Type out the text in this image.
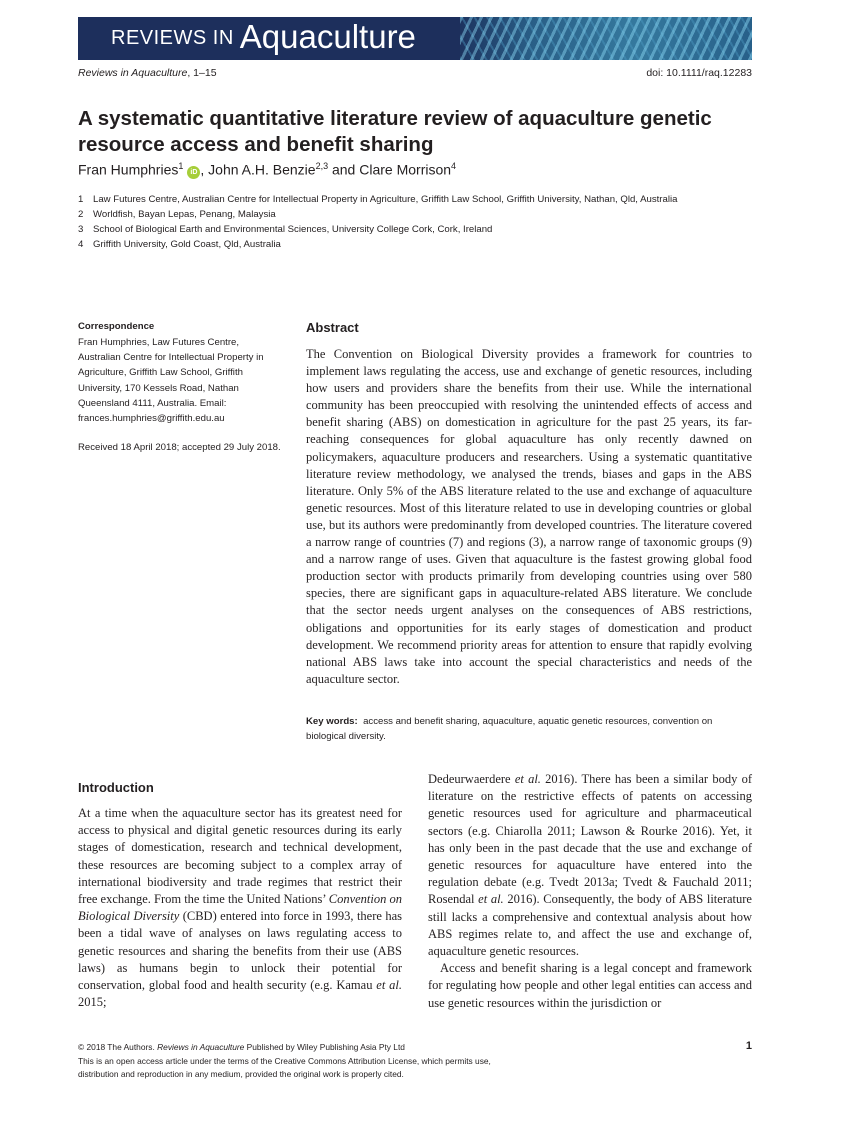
REVIEWS IN Aquaculture
Reviews in Aquaculture, 1–15	doi: 10.1111/raq.12283
A systematic quantitative literature review of aquaculture genetic resource access and benefit sharing
Fran Humphries$^1$iD , John A.H. Benzie$^{2,3}$ and Clare Morrison$^4$
1 Law Futures Centre, Australian Centre for Intellectual Property in Agriculture, Griffith Law School, Griffith University, Nathan, Qld, Australia
2 Worldfish, Bayan Lepas, Penang, Malaysia
3 School of Biological Earth and Environmental Sciences, University College Cork, Cork, Ireland
4 Griffith University, Gold Coast, Qld, Australia
Correspondence
Fran Humphries, Law Futures Centre, Australian Centre for Intellectual Property in Agriculture, Griffith Law School, Griffith University, 170 Kessels Road, Nathan Queensland 4111, Australia. Email: frances.humphries@griffith.edu.au
Received 18 April 2018; accepted 29 July 2018.
Abstract

The Convention on Biological Diversity provides a framework for countries to implement laws regulating the access, use and exchange of genetic resources, including how users and providers share the benefits from their use. While the international community has been preoccupied with resolving the unintended effects of access and benefit sharing (ABS) on domestication in agriculture for the past 25 years, its far-reaching consequences for global aquaculture has only recently dawned on policymakers, aquaculture producers and researchers. Using a systematic quantitative literature review methodology, we analysed the trends, biases and gaps in the ABS literature. Only 5% of the ABS literature related to the use and exchange of aquaculture genetic resources. Most of this literature related to use in developing countries or global use, but its authors were predominantly from developed countries. The literature covered a narrow range of countries (7) and regions (3), a narrow range of taxonomic groups (9) and a narrow range of uses. Given that aquaculture is the fastest growing global food production sector with products primarily from developing countries using over 580 species, there are significant gaps in aquaculture-related ABS literature. We conclude that the sector needs urgent analyses on the consequences of ABS restrictions, obligations and opportunities for its early stages of domestication and product development. We recommend priority areas for attention to ensure that rapidly evolving national ABS laws take into account the special characteristics and needs of the aquaculture sector.

Key words: access and benefit sharing, aquaculture, aquatic genetic resources, convention on biological diversity.
Introduction

At a time when the aquaculture sector has its greatest need for access to physical and digital genetic resources during its early stages of domestication, research and technical development, these resources are becoming subject to a complex array of international biodiversity and trade regimes that restrict their free exchange. From the time the United Nations’ Convention on Biological Diversity (CBD) entered into force in 1993, there has been a tidal wave of analyses on laws regulating access to genetic resources and sharing the benefits from their use (ABS laws) as humans begin to unlock their potential for conservation, global food and health security (e.g. Kamau et al. 2015;

Dedeurwaerdere et al. 2016). There has been a similar body of literature on the restrictive effects of patents on accessing genetic resources used for agriculture and pharmaceutical sectors (e.g. Chiarolla 2011; Lawson & Rourke 2016). Yet, it has only been in the past decade that the use and exchange of genetic resources for aquaculture have entered into the regulation debate (e.g. Tvedt 2013a; Tvedt & Fauchald 2011; Rosendal et al. 2016). Consequently, the body of ABS literature still lacks a comprehensive and contextual analysis about how ABS regimes relate to, and affect the use and exchange of, aquaculture genetic resources.

Access and benefit sharing is a legal concept and framework for regulating how people and other legal entities can access and use genetic resources within the jurisdiction or

© 2018 The Authors. Reviews in Aquaculture Published by Wiley Publishing Asia Pty Ltd
This is an open access article under the terms of the Creative Commons Attribution License, which permits use,
distribution and reproduction in any medium, provided the original work is properly cited.
1
